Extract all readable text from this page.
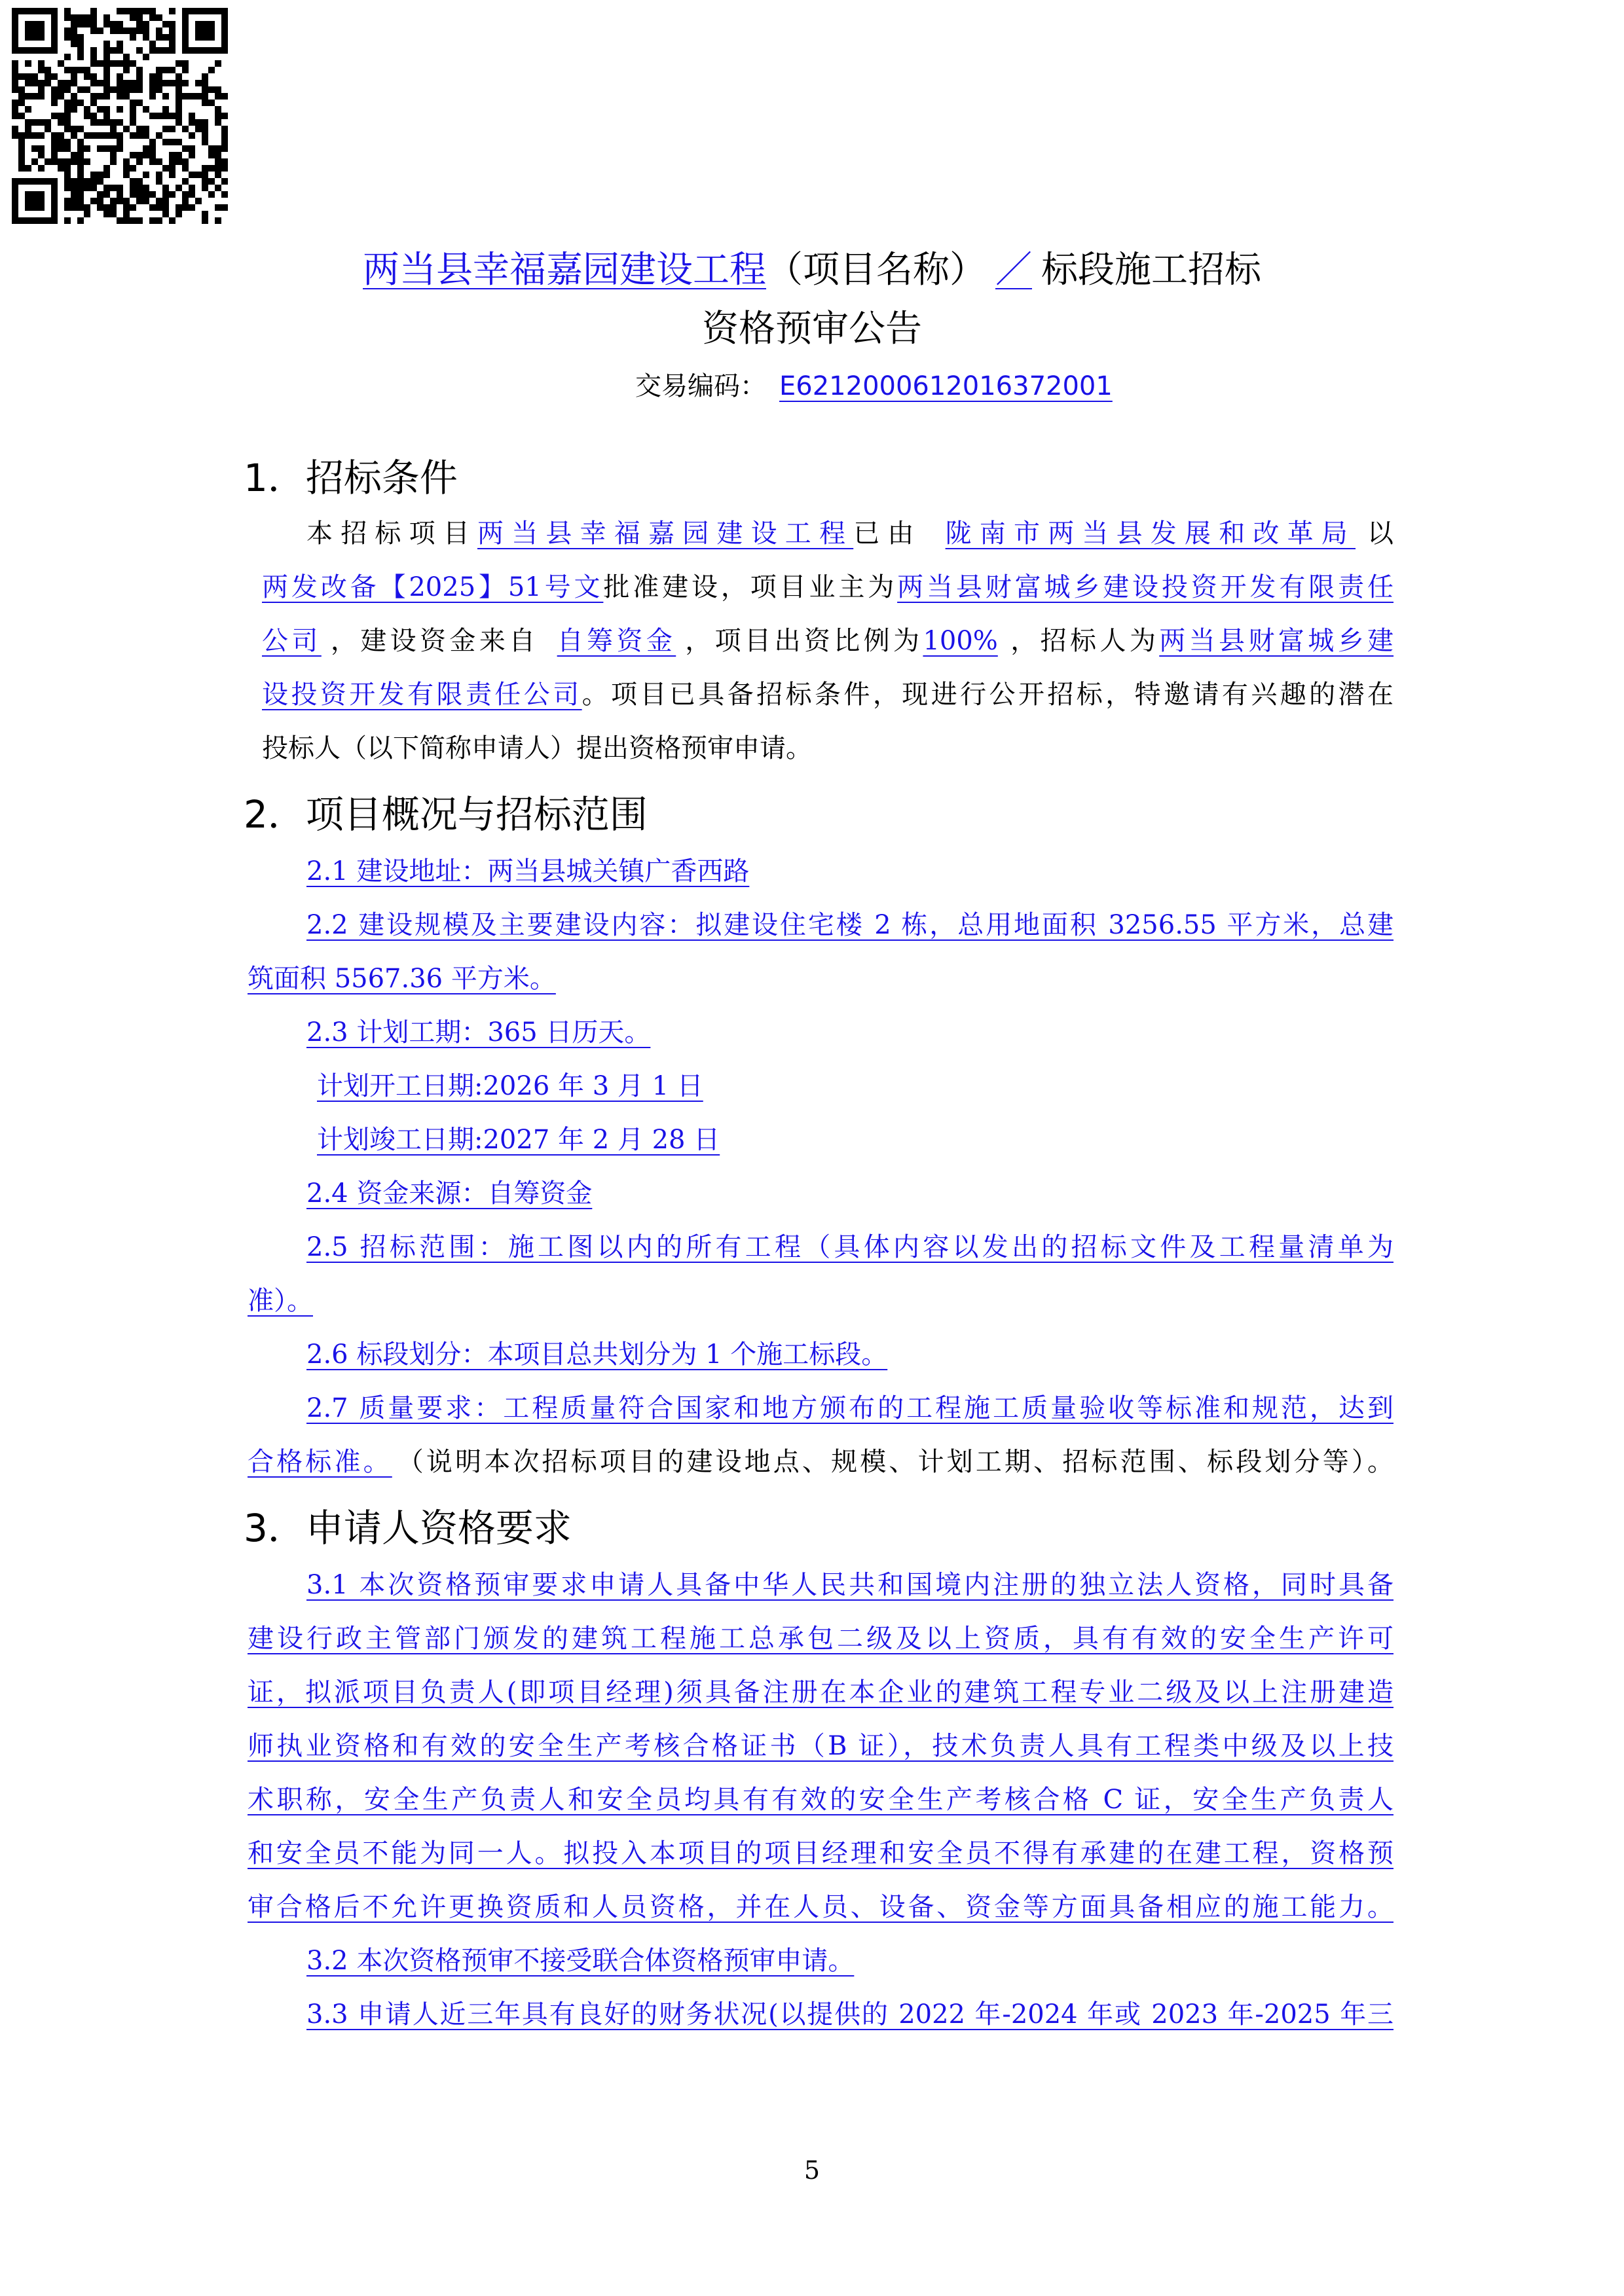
两当县幸福嘉园建设工程（项目名称） ／ 标段施工招标
资格预审公告
交易编码： E6212000612016372001
1．招标条件
本招标项目两当县幸福嘉园建设工程已由 陇南市两当县发展和改革局 以
两发改备【2025】51号文批准建设，项目业主为两当县财富城乡建设投资开发有限责任
公司 ，建设资金来自 自筹资金 ，项目出资比例为100% ，招标人为两当县财富城乡建
设投资开发有限责任公司。项目已具备招标条件，现进行公开招标，特邀请有兴趣的潜在
投标人（以下简称申请人）提出资格预审申请。
2．项目概况与招标范围
2.1 建设地址：两当县城关镇广香西路
2.2 建设规模及主要建设内容：拟建设住宅楼 2 栋，总用地面积 3256.55 平方米，总建
筑面积 5567.36 平方米。
2.3 计划工期：365 日历天。
计划开工日期:2026 年 3 月 1 日
计划竣工日期:2027 年 2 月 28 日
2.4 资金来源：自筹资金
2.5 招标范围：施工图以内的所有工程（具体内容以发出的招标文件及工程量清单为
准）。
2.6 标段划分：本项目总共划分为 1 个施工标段。
2.7 质量要求：工程质量符合国家和地方颁布的工程施工质量验收等标准和规范，达到
合格标准。 （说明本次招标项目的建设地点、规模、计划工期、招标范围、标段划分等）。
3．申请人资格要求
3.1 本次资格预审要求申请人具备中华人民共和国境内注册的独立法人资格，同时具备
建设行政主管部门颁发的建筑工程施工总承包二级及以上资质，具有有效的安全生产许可
证，拟派项目负责人(即项目经理)须具备注册在本企业的建筑工程专业二级及以上注册建造
师执业资格和有效的安全生产考核合格证书（B 证），技术负责人具有工程类中级及以上技
术职称，安全生产负责人和安全员均具有有效的安全生产考核合格 C 证，安全生产负责人
和安全员不能为同一人。拟投入本项目的项目经理和安全员不得有承建的在建工程，资格预
审合格后不允许更换资质和人员资格，并在人员、设备、资金等方面具备相应的施工能力。
3.2 本次资格预审不接受联合体资格预审申请。
3.3 申请人近三年具有良好的财务状况(以提供的 2022 年-2024 年或 2023 年-2025 年三
5
